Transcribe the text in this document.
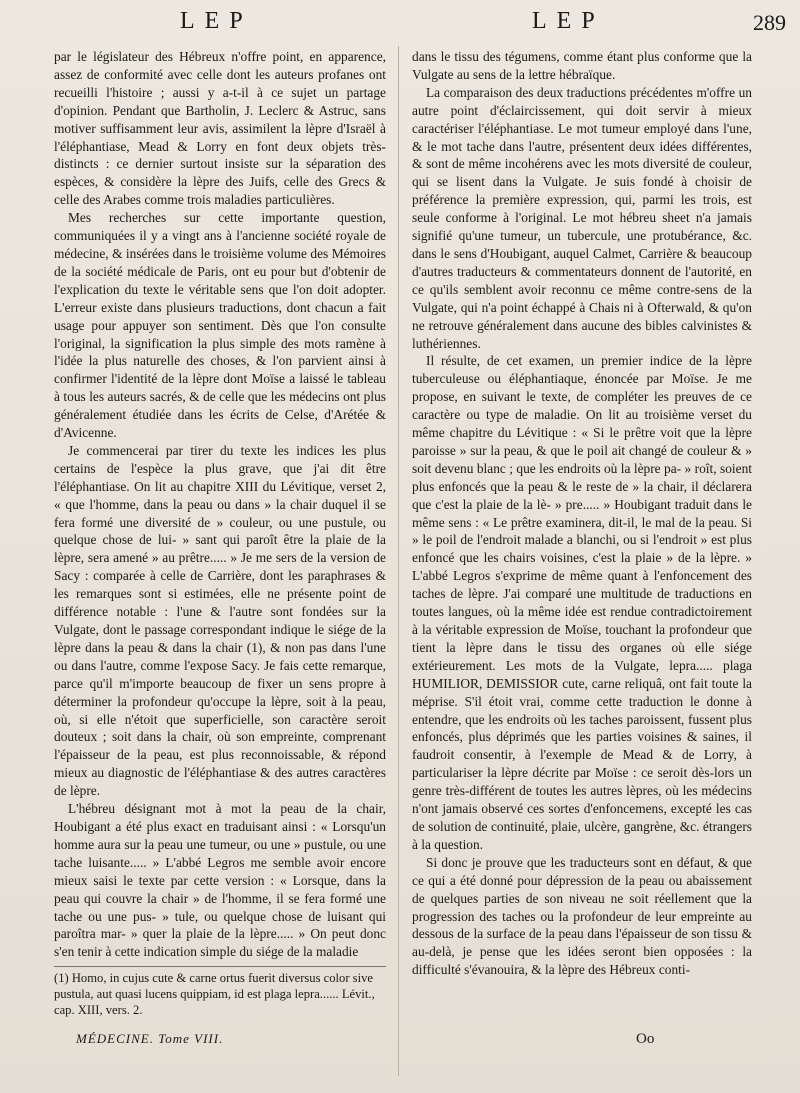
LEP	LEP	289

par le législateur des Hébreux n'offre point, en apparence, assez de conformité avec celle dont les auteurs profanes ont recueilli l'histoire ; aussi y a-t-il à ce sujet un partage d'opinion. Pendant que Bartholin, J. Leclerc & Astruc, sans motiver suffisamment leur avis, assimilent la lèpre d'Israël à l'éléphantiase, Mead & Lorry en font deux objets très-distincts : ce dernier surtout insiste sur la séparation des espèces, & considère la lèpre des Juifs, celle des Grecs & celle des Arabes comme trois maladies particulières.

Mes recherches sur cette importante question, communiquées il y a vingt ans à l'ancienne société royale de médecine, & insérées dans le troisième volume des Mémoires de la société médicale de Paris, ont eu pour but d'obtenir de l'explication du texte le véritable sens que l'on doit adopter. L'erreur existe dans plusieurs traductions, dont chacun a fait usage pour appuyer son sentiment. Dès que l'on consulte l'original, la signification la plus simple des mots ramène à l'idée la plus naturelle des choses, & l'on parvient ainsi à confirmer l'identité de la lèpre dont Moïse a laissé le tableau à tous les auteurs sacrés, & de celle que les médecins ont plus généralement étudiée dans les écrits de Celse, d'Arétée & d'Avicenne.

Je commencerai par tirer du texte les indices les plus certains de l'espèce la plus grave, que j'ai dit être l'éléphantiase. On lit au chapitre XIII du Lévitique, verset 2, « que l'homme, dans la peau ou dans » la chair duquel il se fera formé une diversité de » couleur, ou une pustule, ou quelque chose de lui- » sant qui paroît être la plaie de la lèpre, sera amené » au prêtre..... » Je me sers de la version de Sacy : comparée à celle de Carrière, dont les paraphrases & les remarques sont si estimées, elle ne présente point de différence notable : l'une & l'autre sont fondées sur la Vulgate, dont le passage correspondant indique le siége de la lèpre dans la peau & dans la chair (1), & non pas dans l'une ou dans l'autre, comme l'expose Sacy. Je fais cette remarque, parce qu'il m'importe beaucoup de fixer un sens propre à déterminer la profondeur qu'occupe la lèpre, soit à la peau, où, si elle n'étoit que superficielle, son caractère seroit douteux ; soit dans la chair, où son empreinte, comprenant l'épaisseur de la peau, est plus reconnoissable, & répond mieux au diagnostic de l'éléphantiase & des autres caractères de lèpre.

L'hébreu désignant mot à mot la peau de la chair, Houbigant a été plus exact en traduisant ainsi : « Lorsqu'un homme aura sur la peau une tumeur, ou une » pustule, ou une tache luisante..... » L'abbé Legros me semble avoir encore mieux saisi le texte par cette version : « Lorsque, dans la peau qui couvre la chair » de l'homme, il se fera formé une tache ou une pus- » tule, ou quelque chose de luisant qui paroîtra mar- » quer la plaie de la lèpre..... » On peut donc s'en tenir à cette indication simple du siége de la maladie

dans le tissu des tégumens, comme étant plus conforme que la Vulgate au sens de la lettre hébraïque.

La comparaison des deux traductions précédentes m'offre un autre point d'éclaircissement, qui doit servir à mieux caractériser l'éléphantiase. Le mot tumeur employé dans l'une, & le mot tache dans l'autre, présentent deux idées différentes, & sont de même incohérens avec les mots diversité de couleur, qui se lisent dans la Vulgate. Je suis fondé à choisir de préférence la première expression, qui, parmi les trois, est seule conforme à l'original. Le mot hébreu sheet n'a jamais signifié qu'une tumeur, un tubercule, une protubérance, &c. dans le sens d'Houbigant, auquel Calmet, Carrière & beaucoup d'autres traducteurs & commentateurs donnent de l'autorité, en ce qu'ils semblent avoir reconnu ce même contre-sens de la Vulgate, qui n'a point échappé à Chais ni à Ofterwald, & qu'on ne retrouve généralement dans aucune des bibles calvinistes & luthériennes.

Il résulte, de cet examen, un premier indice de la lèpre tuberculeuse ou éléphantiaque, énoncée par Moïse. Je me propose, en suivant le texte, de compléter les preuves de ce caractère ou type de maladie. On lit au troisième verset du même chapitre du Lévitique : « Si le prêtre voit que la lèpre paroisse » sur la peau, & que le poil ait changé de couleur & » soit devenu blanc ; que les endroits où la lèpre pa- » roît, soient plus enfoncés que la peau & le reste de » la chair, il déclarera que c'est la plaie de la lè- » pre..... » Houbigant traduit dans le même sens : « Le prêtre examinera, dit-il, le mal de la peau. Si » le poil de l'endroit malade a blanchi, ou si l'endroit » est plus enfoncé que les chairs voisines, c'est la plaie » de la lèpre. » L'abbé Legros s'exprime de même quant à l'enfoncement des taches de lèpre. J'ai comparé une multitude de traductions en toutes langues, où la même idée est rendue contradictoirement à la véritable expression de Moïse, touchant la profondeur que tient la lèpre dans le tissu des organes où elle siége extérieurement. Les mots de la Vulgate, lepra..... plaga HUMILIOR, DEMISSIOR cute, carne reliquâ, ont fait toute la méprise. S'il étoit vrai, comme cette traduction le donne à entendre, que les endroits où les taches paroissent, fussent plus enfoncés, plus déprimés que les parties voisines & saines, il faudroit consentir, à l'exemple de Mead & de Lorry, à particulariser la lèpre décrite par Moïse : ce seroit dès-lors un genre très-différent de toutes les autres lèpres, où les médecins n'ont jamais observé ces sortes d'enfoncemens, excepté les cas de solution de continuité, plaie, ulcère, gangrène, &c. étrangers à la question.

Si donc je prouve que les traducteurs sont en défaut, & que ce qui a été donné pour dépression de la peau ou abaissement de quelques parties de son niveau ne soit réellement que la progression des taches ou la profondeur de leur empreinte au dessous de la surface de la peau dans l'épaisseur de son tissu & au-delà, je pense que les idées seront bien opposées : la difficulté s'évanouira, & la lèpre des Hébreux conti-

(1) Homo, in cujus cute & carne ortus fuerit diversus color sive pustula, aut quasi lucens quippiam, id est plaga lepra...... Lévit., cap. XIII, vers. 2.
MÉDECINE. Tome VIII.	Oo
